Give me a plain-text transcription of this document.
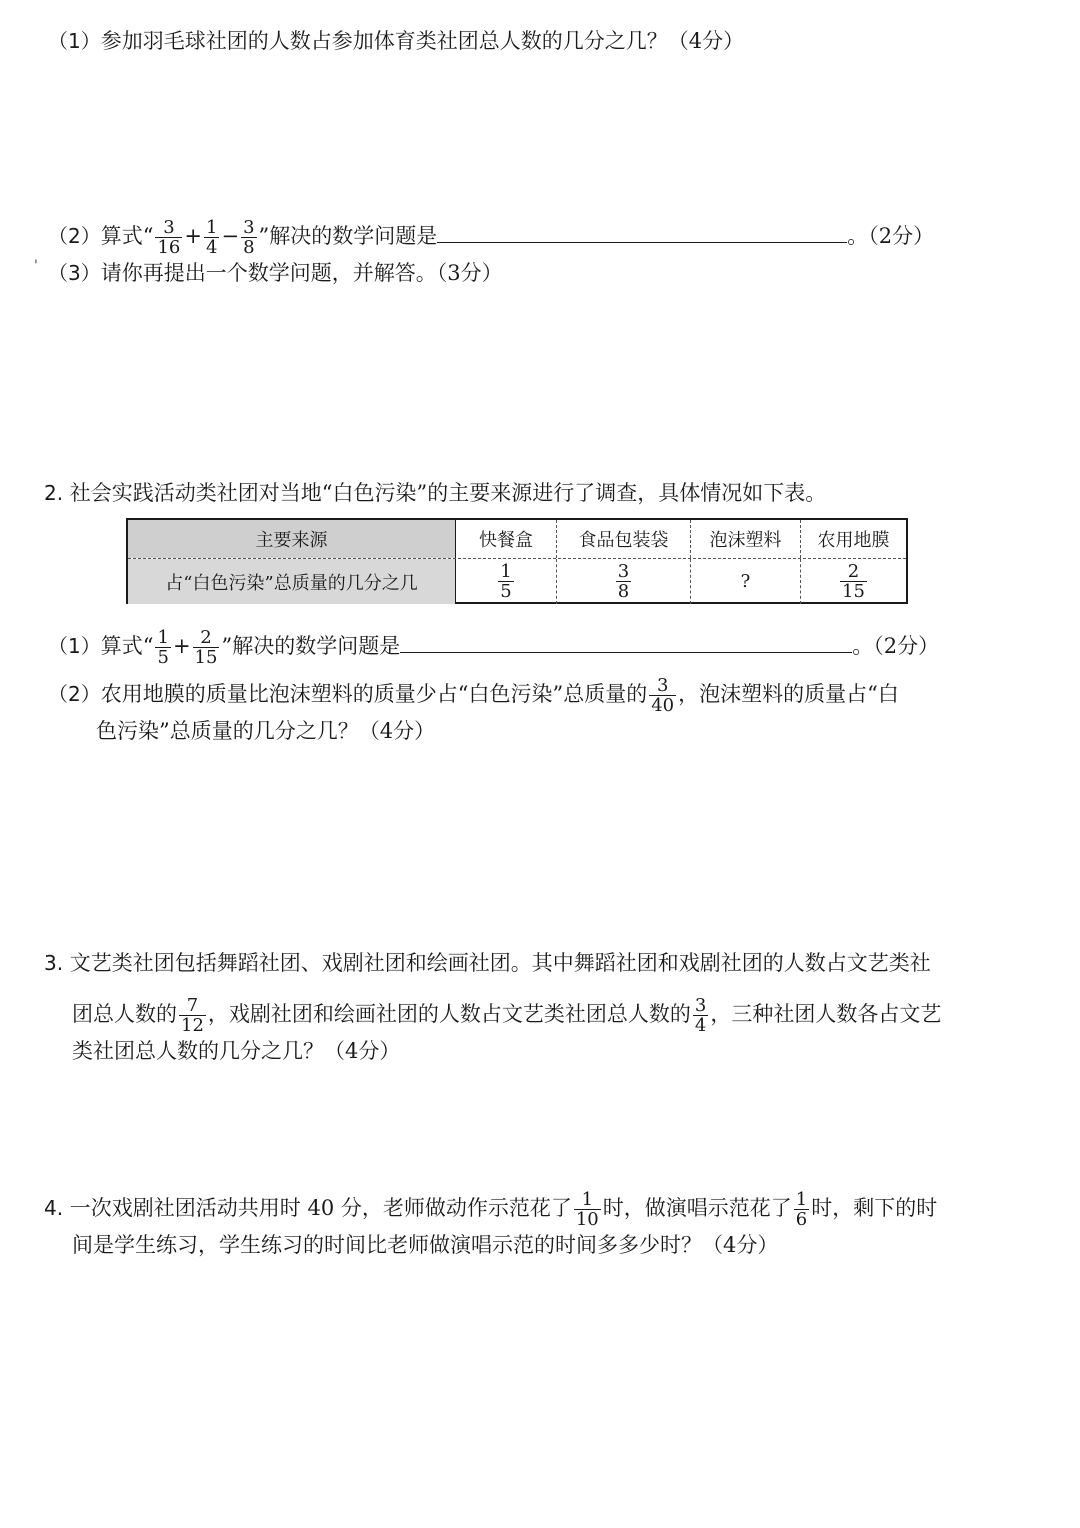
（1）参加羽毛球社团的人数占参加体育类社团总人数的几分之几？（4分）
（2）算式“ $\frac{3}{16} + \frac{1}{4} - \frac{3}{8}$ ”解决的数学问题是	。（2分）
' （3）请你再提出一个数学问题，并解答。（3分）
2. 社会实践活动类社团对当地“白色污染”的主要来源进行了调查，具体情况如下表。
主要来源	快餐盒	食品包装袋	泡沫塑料	农用地膜
占“白色污染”总质量的几分之几	$\frac{1}{5}$	$\frac{3}{8}$	?	$\frac{2}{15}$
（1）算式“ $\frac{1}{5} + \frac{2}{15}$ ”解决的数学问题是	。（2分）
（2）农用地膜的质量比泡沫塑料的质量少占“白色污染”总质量的 $\frac{3}{40}$ ，泡沫塑料的质量占“白
色污染”总质量的几分之几？（4分）
3. 文艺类社团包括舞蹈社团、戏剧社团和绘画社团。其中舞蹈社团和戏剧社团的人数占文艺类社
团总人数的 $\frac{7}{12}$ ，戏剧社团和绘画社团的人数占文艺类社团总人数的 $\frac{3}{4}$ ，三种社团人数各占文艺
类社团总人数的几分之几？（4分）
4. 一次戏剧社团活动共用时 40 分，老师做动作示范花了 $\frac{1}{10}$ 时，做演唱示范花了 $\frac{1}{6}$ 时，剩下的时
间是学生练习，学生练习的时间比老师做演唱示范的时间多多少时？（4分）
